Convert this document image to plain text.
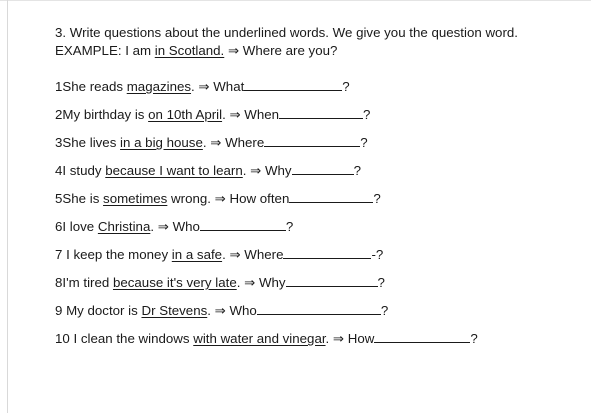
3. Write questions about the underlined words. We give you the question word.
EXAMPLE: I am in Scotland. ⇒ Where are you?
1She reads magazines. ⇒ What	?
2My birthday is on 10th April. ⇒ When	?
3She lives in a big house. ⇒ Where	?
4I study because I want to learn. ⇒ Why	?
5She is sometimes wrong. ⇒ How often	?
6I love Christina. ⇒ Who	?
7 I keep the money in a safe. ⇒ Where	-?
8I'm tired because it's very late. ⇒ Why	?
9 My doctor is Dr Stevens. ⇒ Who	?
10 I clean the windows with water and vinegar. ⇒ How	?
